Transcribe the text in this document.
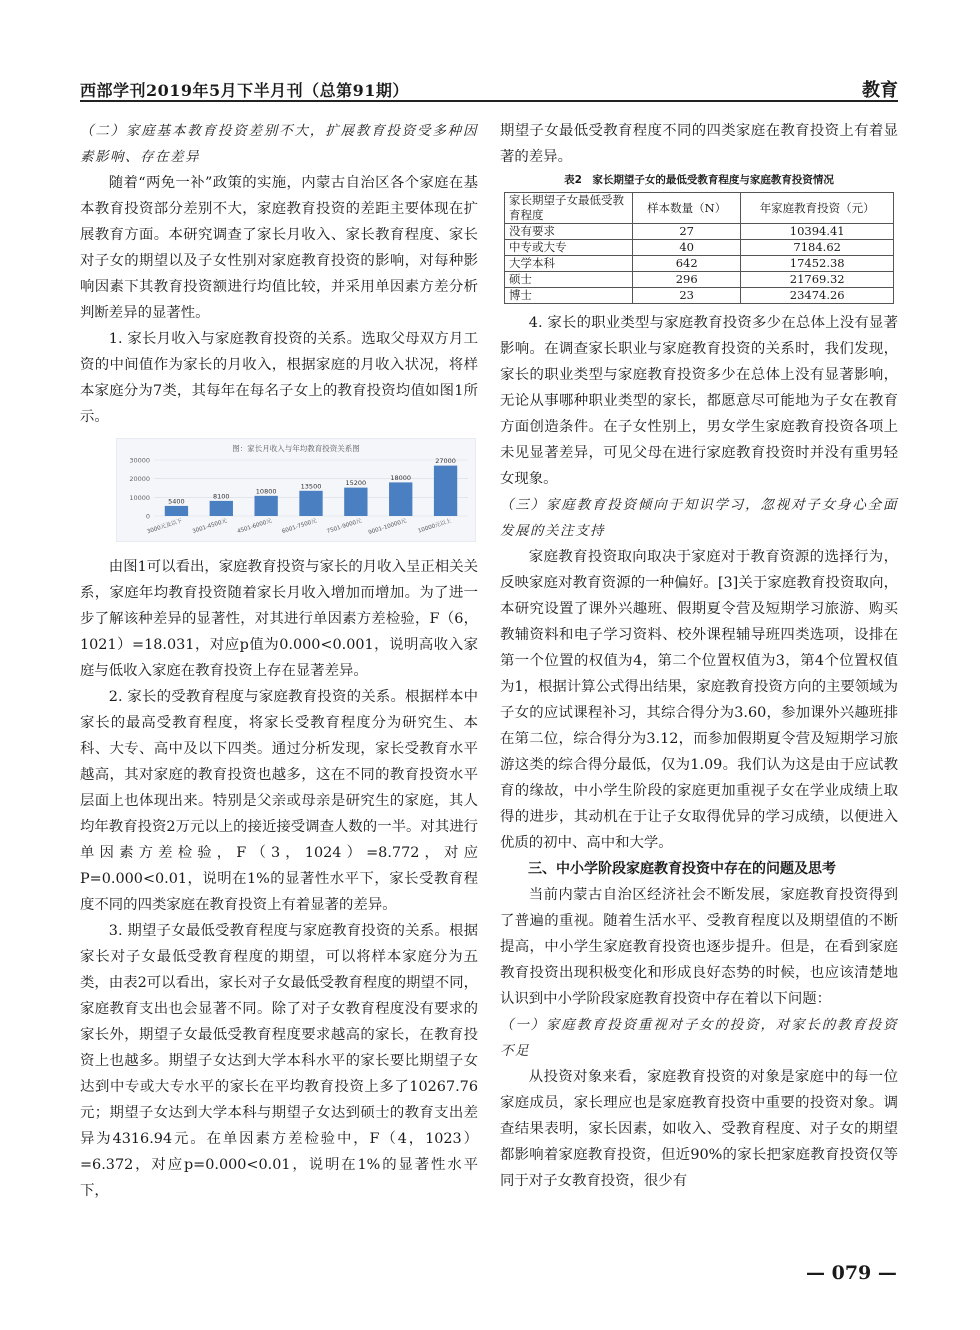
西部学刊2019年5月下半月刊（总第91期）	教育

（二）家庭基本教育投资差别不大，扩展教育投资受多种因素影响、存在差异

随着“两免一补”政策的实施，内蒙古自治区各个家庭在基本教育投资部分差别不大，家庭教育投资的差距主要体现在扩展教育方面。本研究调查了家长月收入、家长教育程度、家长对子女的期望以及子女性别对家庭教育投资的影响，对每种影响因素下其教育投资额进行均值比较，并采用单因素方差分析判断差异的显著性。

1. 家长月收入与家庭教育投资的关系。选取父母双方月工资的中间值作为家长的月收入，根据家庭的月收入状况，将样本家庭分为7类，其每年在每名子女上的教育投资均值如图1所示。

图：家长月收入与年均教育投资关系图
30000
20000
10000
0
5400
8100
10800
13500	15200
18000
27000
3000元及以下 3001-4500元 4501-6000元 6001-7500元 7501-9000元 9001-10000元 10000元以上

由图1可以看出，家庭教育投资与家长的月收入呈正相关关系，家庭年均教育投资随着家长月收入增加而增加。为了进一步了解该种差异的显著性，对其进行单因素方差检验，F（6，1021）=18.031，对应p值为0.000<0.001，说明高收入家庭与低收入家庭在教育投资上存在显著差异。

2. 家长的受教育程度与家庭教育投资的关系。根据样本中家长的最高受教育程度，将家长受教育程度分为研究生、本科、大专、高中及以下四类。通过分析发现，家长受教育水平越高，其对家庭的教育投资也越多，这在不同的教育投资水平层面上也体现出来。特别是父亲或母亲是研究生的家庭，其人均年教育投资2万元以上的接近接受调查人数的一半。对其进行单因素方差检验，F（3，1024）=8.772，对应P=0.000<0.01，说明在1%的显著性水平下，家长受教育程度不同的四类家庭在教育投资上有着显著的差异。

3. 期望子女最低受教育程度与家庭教育投资的关系。根据家长对子女最低受教育程度的期望，可以将样本家庭分为五类，由表2可以看出，家长对子女最低受教育程度的期望不同，家庭教育支出也会显著不同。除了对子女教育程度没有要求的家长外，期望子女最低受教育程度要求越高的家长，在教育投资上也越多。期望子女达到大学本科水平的家长要比期望子女达到中专或大专水平的家长在平均教育投资上多了10267.76元；期望子女达到大学本科与期望子女达到硕士的教育支出差异为4316.94元。在单因素方差检验中，F（4，1023）=6.372，对应p=0.000<0.01，说明在1%的显著性水平下，

期望子女最低受教育程度不同的四类家庭在教育投资上有着显著的差异。

表2　家长期望子女的最低受教育程度与家庭教育投资情况
家长期望子女最低受教育程度	样本数量（N）	年家庭教育投资（元）
没有要求	27	10394.41
中专或大专	40	7184.62
大学本科	642	17452.38
硕士	296	21769.32
博士	23	23474.26

4. 家长的职业类型与家庭教育投资多少在总体上没有显著影响。在调查家长职业与家庭教育投资的关系时，我们发现，家长的职业类型与家庭教育投资多少在总体上没有显著影响，无论从事哪种职业类型的家长，都愿意尽可能地为子女在教育方面创造条件。在子女性别上，男女学生家庭教育投资各项上未见显著差异，可见父母在进行家庭教育投资时并没有重男轻女现象。

（三）家庭教育投资倾向于知识学习，忽视对子女身心全面发展的关注支持

家庭教育投资取向取决于家庭对于教育资源的选择行为，反映家庭对教育资源的一种偏好。[3]关于家庭教育投资取向，本研究设置了课外兴趣班、假期夏令营及短期学习旅游、购买教辅资料和电子学习资料、校外课程辅导班四类选项，设排在第一个位置的权值为4，第二个位置权值为3，第4个位置权值为1，根据计算公式得出结果，家庭教育投资方向的主要领域为子女的应试课程补习，其综合得分为3.60，参加课外兴趣班排在第二位，综合得分为3.12，而参加假期夏令营及短期学习旅游这类的综合得分最低，仅为1.09。我们认为这是由于应试教育的缘故，中小学生阶段的家庭更加重视子女在学业成绩上取得的进步，其动机在于让子女取得优异的学习成绩，以便进入优质的初中、高中和大学。

三、中小学阶段家庭教育投资中存在的问题及思考

当前内蒙古自治区经济社会不断发展，家庭教育投资得到了普遍的重视。随着生活水平、受教育程度以及期望值的不断提高，中小学生家庭教育投资也逐步提升。但是，在看到家庭教育投资出现积极变化和形成良好态势的时候，也应该清楚地认识到中小学阶段家庭教育投资中存在着以下问题：

（一）家庭教育投资重视对子女的投资，对家长的教育投资不足

从投资对象来看，家庭教育投资的对象是家庭中的每一位家庭成员，家长理应也是家庭教育投资中重要的投资对象。调查结果表明，家长因素，如收入、受教育程度、对子女的期望都影响着家庭教育投资，但近90%的家长把家庭教育投资仅等同于对子女教育投资，很少有

— 079 —
